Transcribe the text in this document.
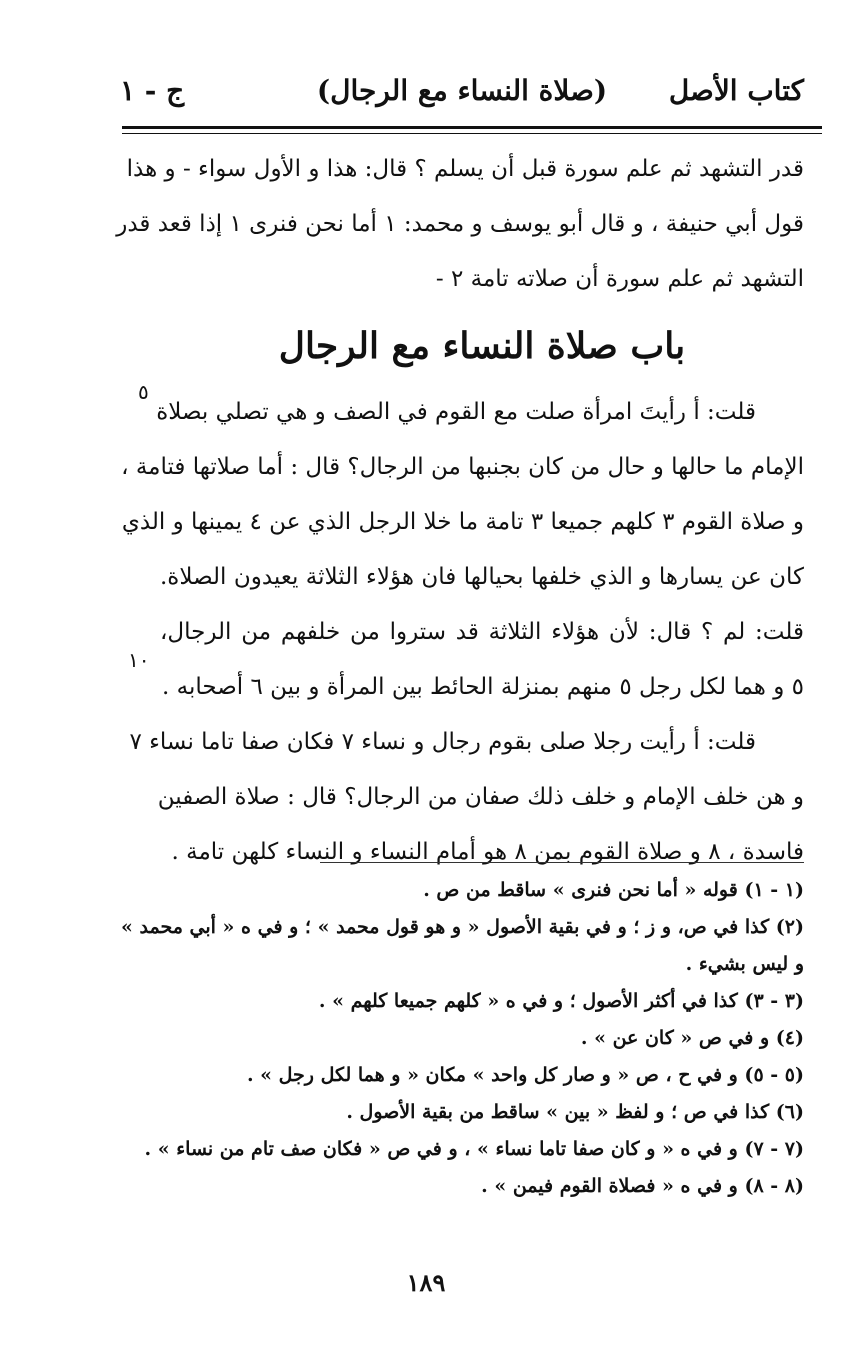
كتاب الأصل
(صلاة النساء مع الرجال)
ج - ١
قدر التشهد ثم علم سورة قبل أن يسلم ؟ قال: هذا و الأول سواء - و هذا
قول أبي حنيفة ، و قال أبو يوسف و محمد: ١ أما نحن فنرى ١ إذا قعد قدر
التشهد ثم علم سورة أن صلاته تامة ٢ -
باب صلاة النساء مع الرجال
قلت: أ رأيتَ امرأة صلت مع القوم في الصف و هي تصلي بصلاة
الإمام ما حالها و حال من كان بجنبها من الرجال؟ قال : أما صلاتها فتامة ،
و صلاة القوم ٣ كلهم جميعا ٣ تامة ما خلا الرجل الذي عن ٤ يمينها و الذي
كان عن يسارها و الذي خلفها بحيالها فان هؤلاء الثلاثة يعيدون الصلاة.
قلت: لم ؟ قال: لأن هؤلاء الثلاثة قد ستروا من خلفهم من الرجال،
٥ و هما لكل رجل ٥ منهم بمنزلة الحائط بين المرأة و بين ٦ أصحابه .
قلت: أ رأيت رجلا صلى بقوم رجال و نساء ٧ فكان صفا تاما نساء ٧
و هن خلف الإمام و خلف ذلك صفان من الرجال؟ قال : صلاة الصفين
فاسدة ، ٨ و صلاة القوم بمن ٨ هو أمام النساء و النساء كلهن تامة .
٥
١٠
(١ - ١) قوله « أما نحن فنرى » ساقط من ص .
(٢) كذا في ص، و ز ؛ و في بقية الأصول « و هو قول محمد » ؛ و في ه « أبي محمد »
و ليس بشيء .
(٣ - ٣) كذا في أكثر الأصول ؛ و في ه « كلهم جميعا كلهم » .
(٤) و في ص « كان عن » .
(٥ - ٥) و في ح ، ص « و صار كل واحد » مكان « و هما لكل رجل » .
(٦) كذا في ص ؛ و لفظ « بين » ساقط من بقية الأصول .
(٧ - ٧) و في ه « و كان صفا تاما نساء » ، و في ص « فكان صف تام من نساء » .
(٨ - ٨) و في ه « فصلاة القوم فيمن » .
١٨٩
